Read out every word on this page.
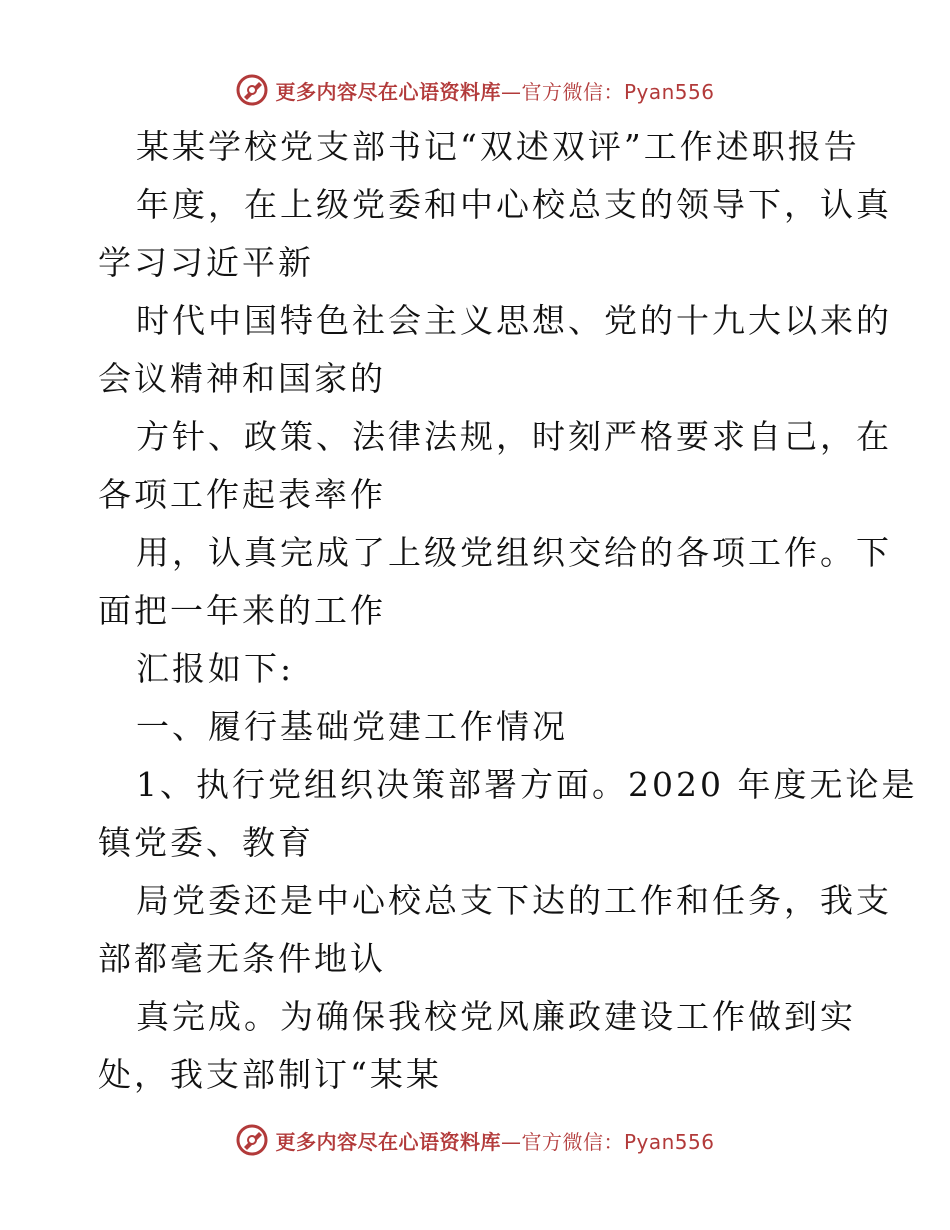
更多内容尽在心语资料库—官方微信：Pyan556
某某学校党支部书记“双述双评”工作述职报告
年度，在上级党委和中心校总支的领导下，认真
学习习近平新
时代中国特色社会主义思想、党的十九大以来的
会议精神和国家的
方针、政策、法律法规，时刻严格要求自己，在
各项工作起表率作
用，认真完成了上级党组织交给的各项工作。下
面把一年来的工作
汇报如下:
一、履行基础党建工作情况
1、执行党组织决策部署方面。2020 年度无论是
镇党委、教育
局党委还是中心校总支下达的工作和任务，我支
部都毫无条件地认
真完成。为确保我校党风廉政建设工作做到实
处，我支部制订“某某
更多内容尽在心语资料库—官方微信：Pyan556
